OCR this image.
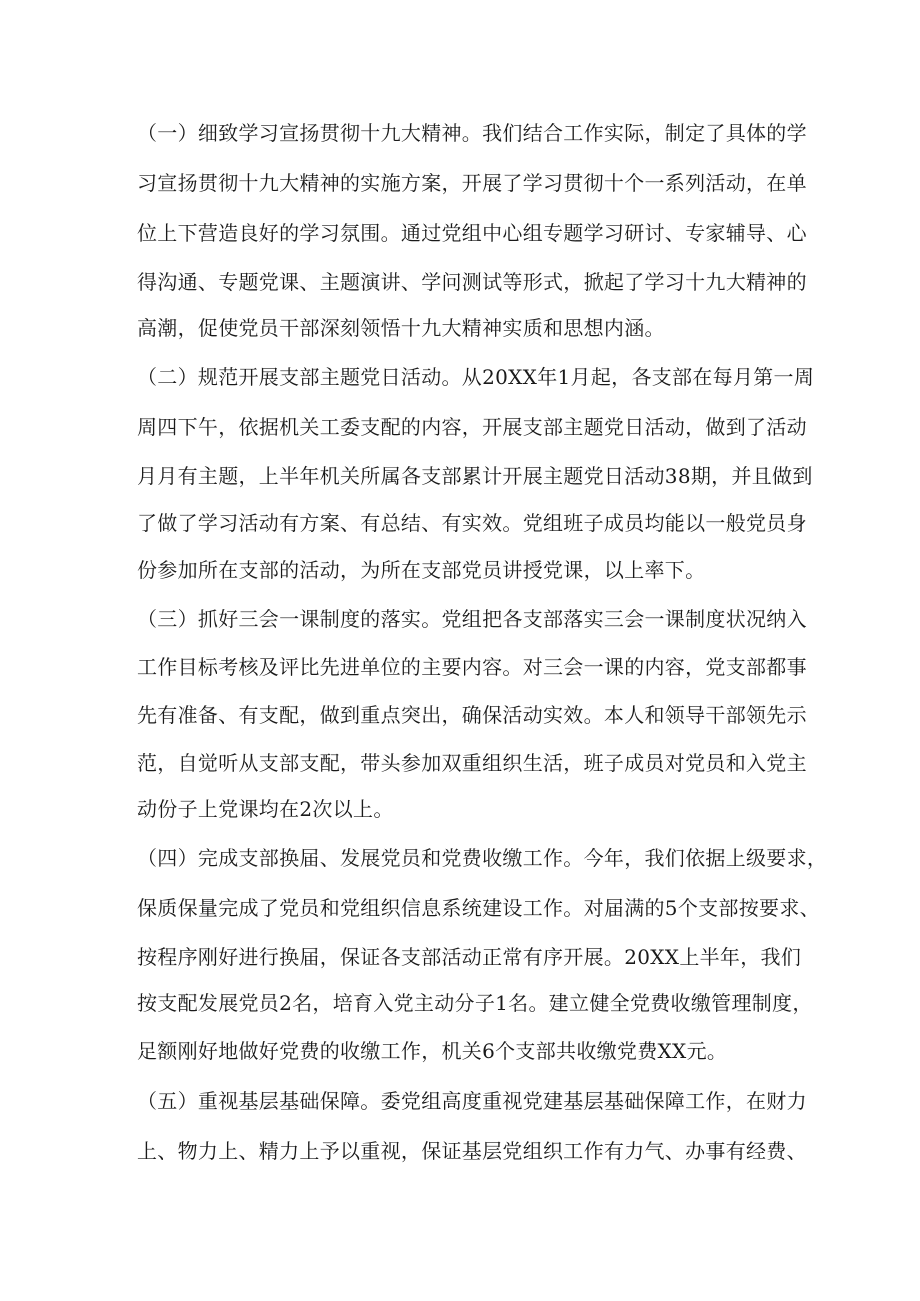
（一）细致学习宣扬贯彻十九大精神。我们结合工作实际，制定了具体的学
习宣扬贯彻十九大精神的实施方案，开展了学习贯彻十个一系列活动，在单
位上下营造良好的学习氛围。通过党组中心组专题学习研讨、专家辅导、心
得沟通、专题党课、主题演讲、学问测试等形式，掀起了学习十九大精神的
高潮，促使党员干部深刻领悟十九大精神实质和思想内涵。
（二）规范开展支部主题党日活动。从20XX年1月起，各支部在每月第一周
周四下午，依据机关工委支配的内容，开展支部主题党日活动，做到了活动
月月有主题，上半年机关所属各支部累计开展主题党日活动38期，并且做到
了做了学习活动有方案、有总结、有实效。党组班子成员均能以一般党员身
份参加所在支部的活动，为所在支部党员讲授党课，以上率下。
（三）抓好三会一课制度的落实。党组把各支部落实三会一课制度状况纳入
工作目标考核及评比先进单位的主要内容。对三会一课的内容，党支部都事
先有准备、有支配，做到重点突出，确保活动实效。本人和领导干部领先示
范，自觉听从支部支配，带头参加双重组织生活，班子成员对党员和入党主
动份子上党课均在2次以上。
（四）完成支部换届、发展党员和党费收缴工作。今年，我们依据上级要求，
保质保量完成了党员和党组织信息系统建设工作。对届满的5个支部按要求、
按程序刚好进行换届，保证各支部活动正常有序开展。20XX上半年，我们
按支配发展党员2名，培育入党主动分子1名。建立健全党费收缴管理制度，
足额刚好地做好党费的收缴工作，机关6个支部共收缴党费XX元。
（五）重视基层基础保障。委党组高度重视党建基层基础保障工作，在财力
上、物力上、精力上予以重视，保证基层党组织工作有力气、办事有经费、
